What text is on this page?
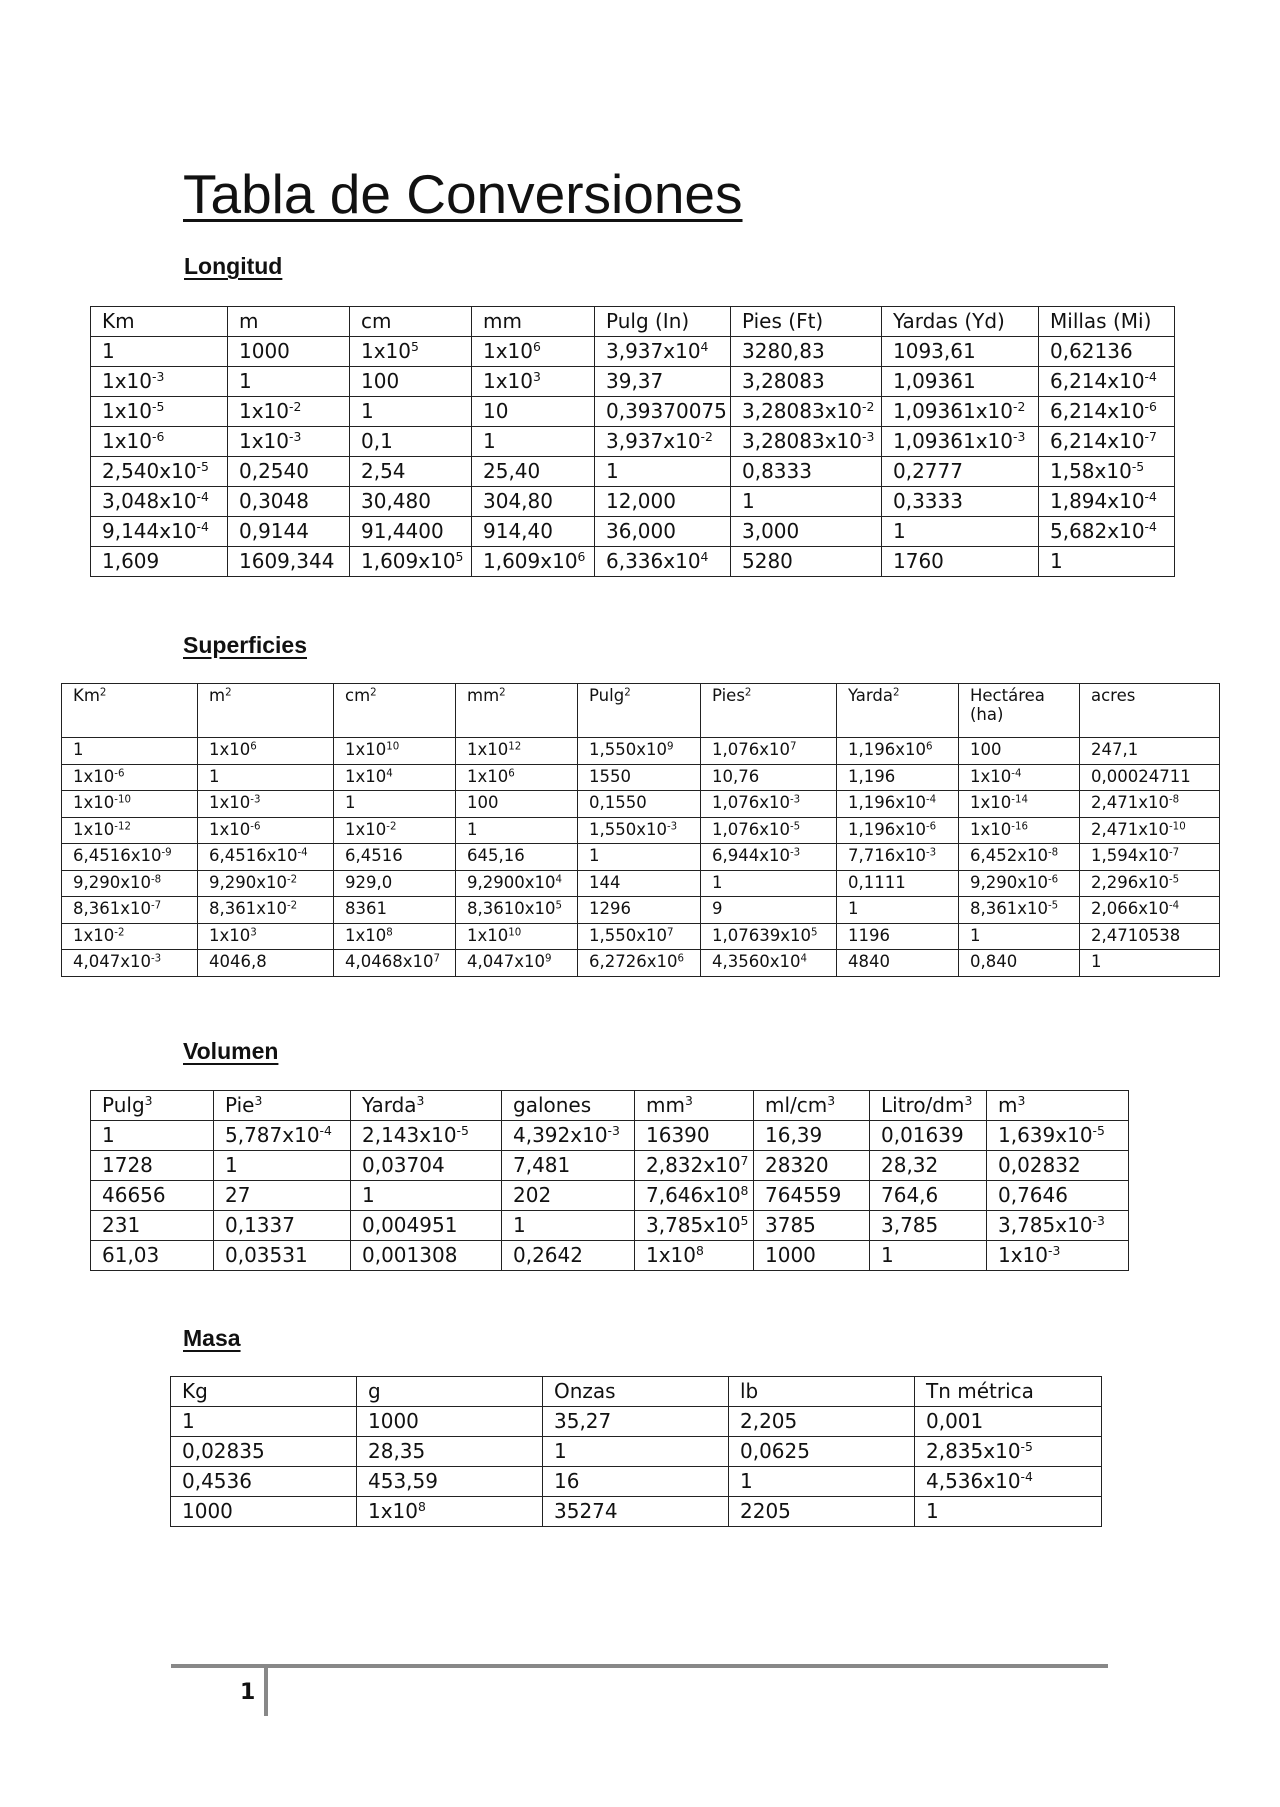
Tabla de Conversiones
Longitud
Km	m	cm	mm	Pulg (In)	Pies (Ft)	Yardas (Yd)	Millas (Mi)
1	1000	$1x10^5$	$1x10^6$	$3,937x10^4$	3280,83	1093,61	0,62136
$1x10^{-3}$	1	100	$1x10^3$	39,37	3,28083	1,09361	$6,214x10^{-4}$
$1x10^{-5}$	$1x10^{-2}$	1	10	0,39370075	$3,28083x10^{-2}$	$1,09361x10^{-2}$	$6,214x10^{-6}$
$1x10^{-6}$	$1x10^{-3}$	0,1	1	$3,937x10^{-2}$	$3,28083x10^{-3}$	$1,09361x10^{-3}$	$6,214x10^{-7}$
$2,540x10^{-5}$	0,2540	2,54	25,40	1	0,8333	0,2777	$1,58x10^{-5}$
$3,048x10^{-4}$	0,3048	30,480	304,80	12,000	1	0,3333	$1,894x10^{-4}$
$9,144x10^{-4}$	0,9144	91,4400	914,40	36,000	3,000	1	$5,682x10^{-4}$
1,609	1609,344	$1,609x10^5$	$1,609x10^6$	$6,336x10^4$	5280	1760	1
Superficies
Km$^2$	$m^2$	$cm^2$	$mm^2$	Pulg$^2$	Pies$^2$	Yarda$^2$	Hectárea (ha)	acres
1	$1x10^6$	$1x10^{10}$	$1x10^{12}$	$1,550x10^9$	$1,076x10^7$	$1,196x10^6$	100	247,1
$1x10^{-6}$	1	$1x10^4$	$1x10^6$	1550	10,76	1,196	$1x10^{-4}$	0,00024711
$1x10^{-10}$	$1x10^{-3}$	1	100	0,1550	$1,076x10^{-3}$	$1,196x10^{-4}$	$1x10^{-14}$	$2,471x10^{-8}$
$1x10^{-12}$	$1x10^{-6}$	$1x10^{-2}$	1	$1,550x10^{-3}$	$1,076x10^{-5}$	$1,196x10^{-6}$	$1x10^{-16}$	$2,471x10^{-10}$
$6,4516x10^{-9}$	$6,4516x10^{-4}$	6,4516	645,16	1	$6,944x10^{-3}$	$7,716x10^{-3}$	$6,452x10^{-8}$	$1,594x10^{-7}$
$9,290x10^{-8}$	$9,290x10^{-2}$	929,0	$9,2900x10^4$	144	1	0,1111	$9,290x10^{-6}$	$2,296x10^{-5}$
$8,361x10^{-7}$	$8,361x10^{-2}$	8361	$8,3610x10^5$	1296	9	1	$8,361x10^{-5}$	$2,066x10^{-4}$
$1x10^{-2}$	$1x10^3$	$1x10^8$	$1x10^{10}$	$1,550x10^7$	$1,07639x10^5$	1196	1	2,4710538
$4,047x10^{-3}$	4046,8	$4,0468x10^7$	$4,047x10^9$	$6,2726x10^6$	$4,3560x10^4$	4840	0,840	1
Volumen
Pulg$^3$	Pie$^3$	Yarda$^3$	galones	$mm^3$	$ml/cm^3$	Litro/$dm^3$	$m^3$
1	$5,787x10^{-4}$	$2,143x10^{-5}$	$4,392x10^{-3}$	16390	16,39	0,01639	$1,639x10^{-5}$
1728	1	0,03704	7,481	$2,832x10^7$	28320	28,32	0,02832
46656	27	1	202	$7,646x10^8$	764559	764,6	0,7646
231	0,1337	0,004951	1	$3,785x10^5$	3785	3,785	$3,785x10^{-3}$
61,03	0,03531	0,001308	0,2642	$1x10^8$	1000	1	$1x10^{-3}$
Masa
Kg	g	Onzas	lb	Tn métrica
1	1000	35,27	2,205	0,001
0,02835	28,35	1	0,0625	$2,835x10^{-5}$
0,4536	453,59	16	1	$4,536x10^{-4}$
1000	$1x10^8$	35274	2205	1
1
